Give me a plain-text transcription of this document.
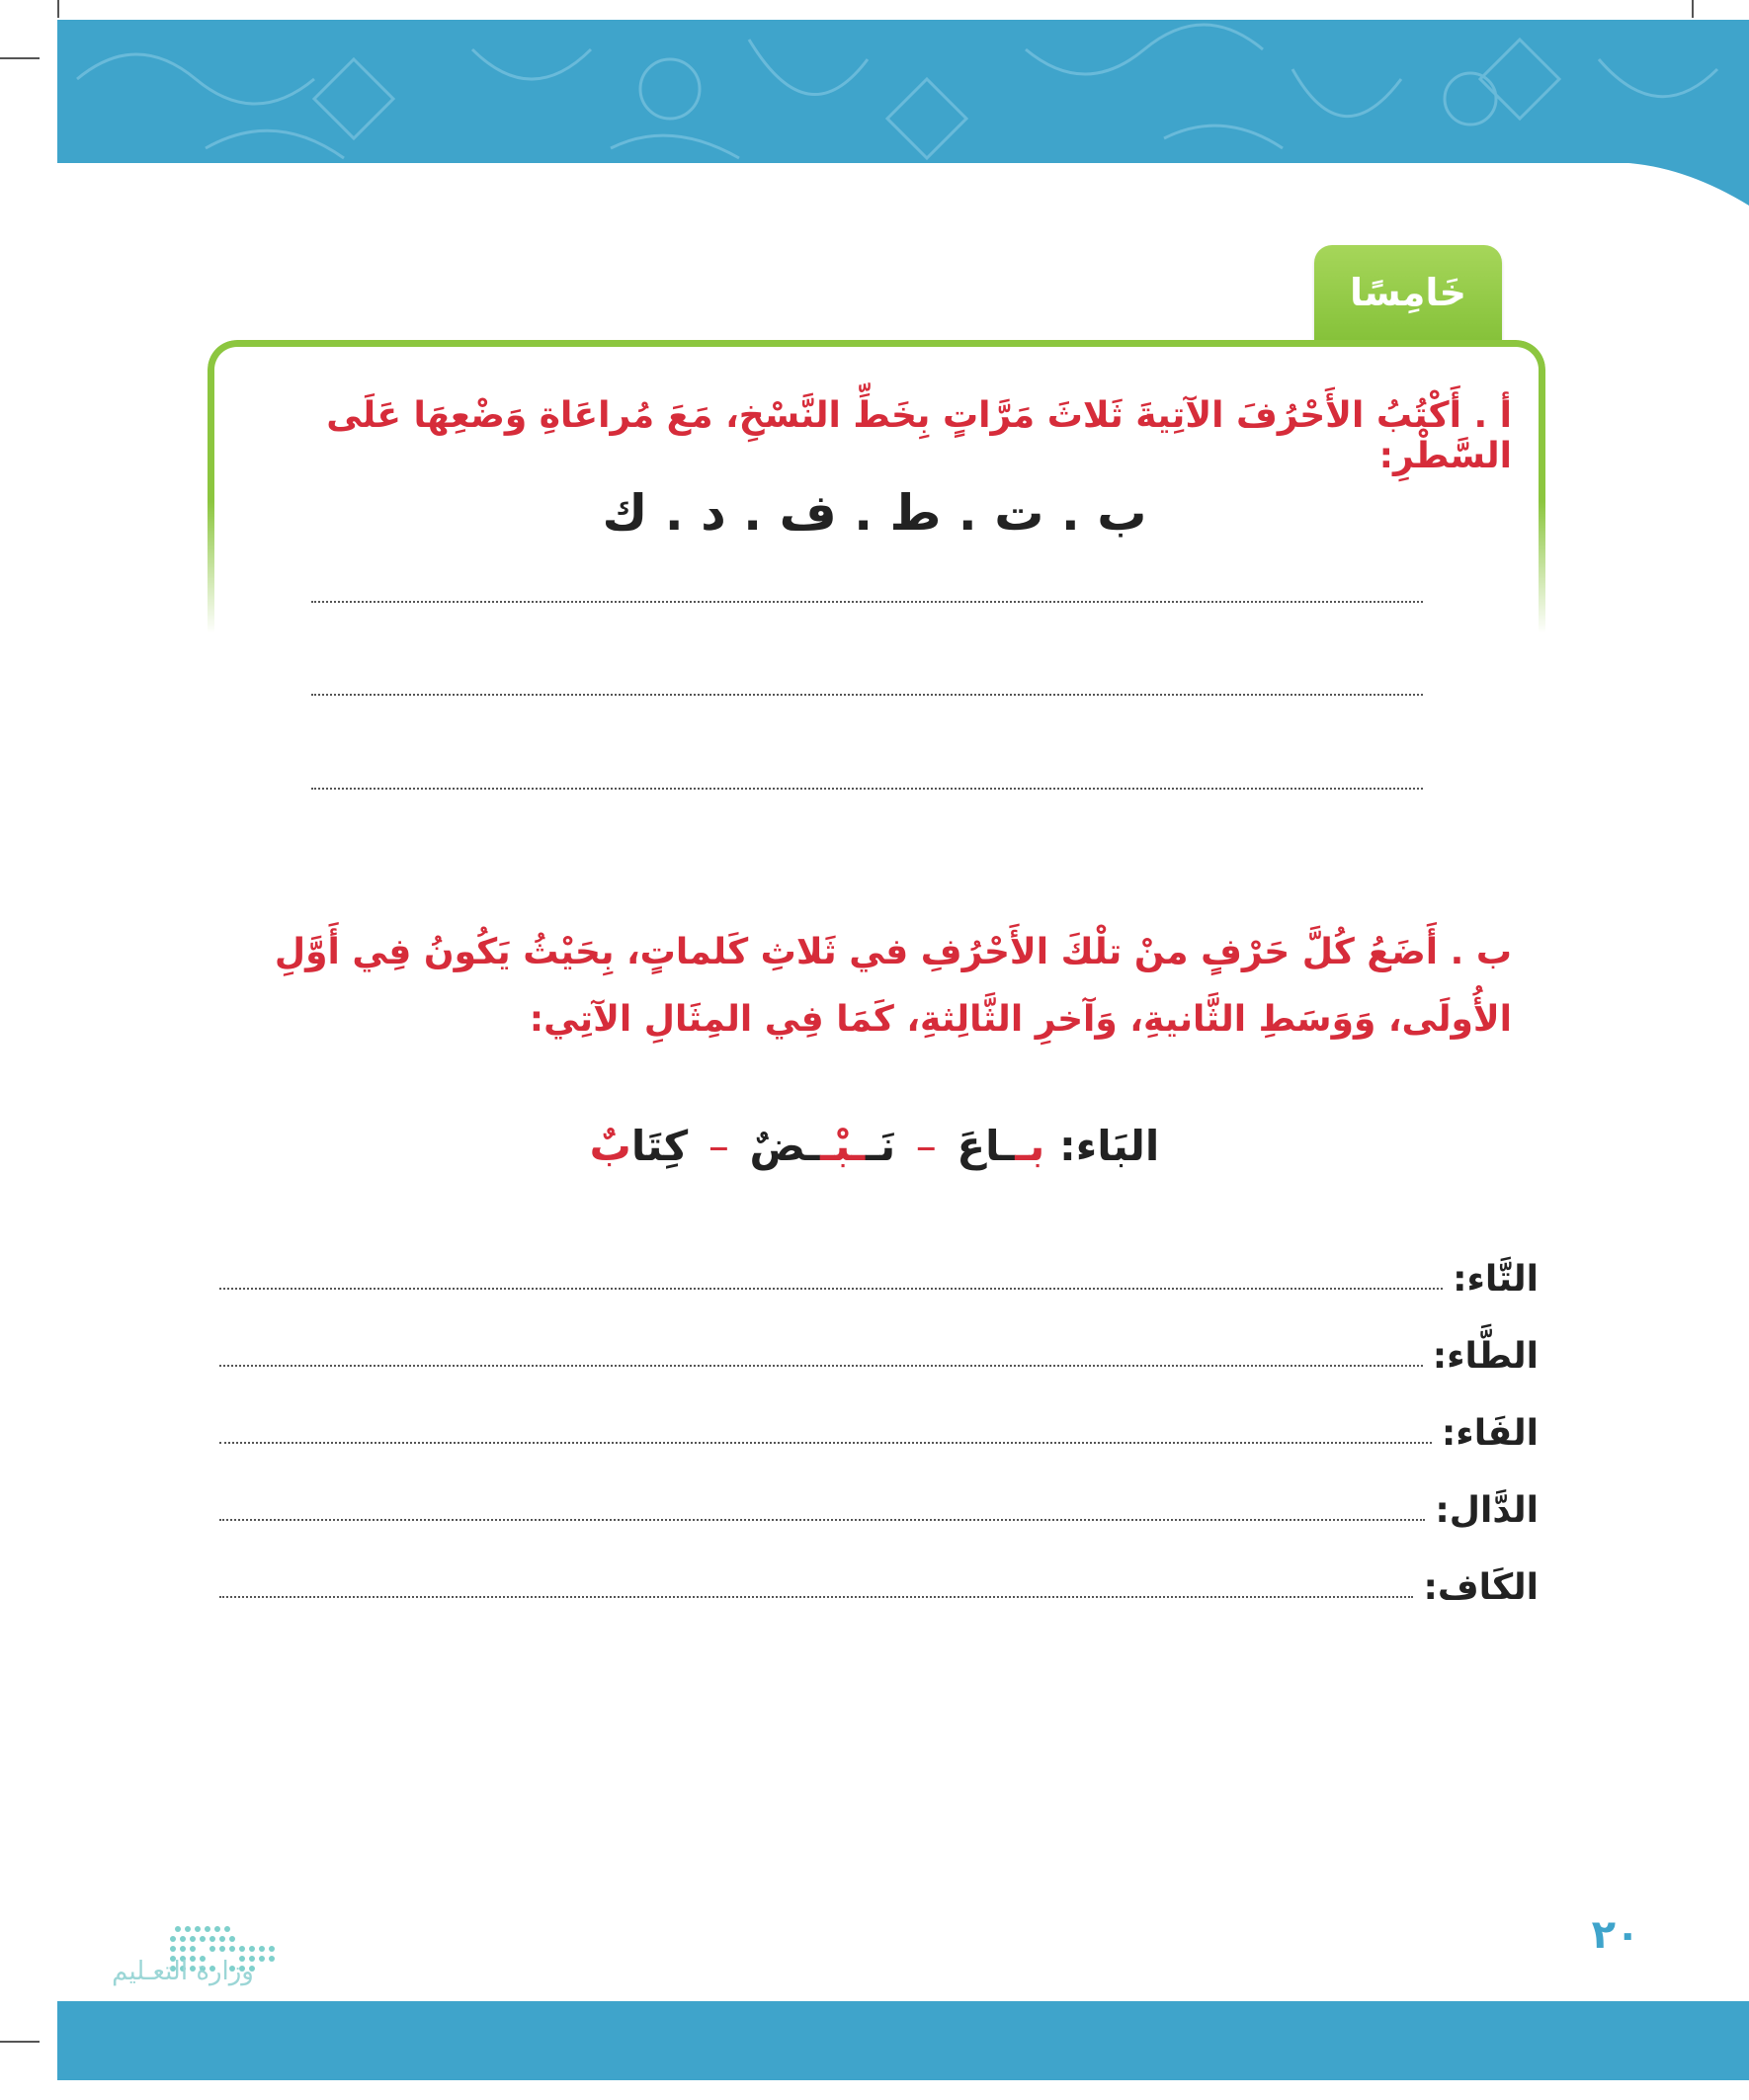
خَامِسًا
أ . أَكْتُبُ الأَحْرُفَ الآتِيةَ ثَلاثَ مَرَّاتٍ بِخَطِّ النَّسْخِ، مَعَ مُراعَاةِ وَضْعِهَا عَلَى السَّطْرِ:
ب . ت . ط . ف . د . ك
ب . أَضَعُ كُلَّ حَرْفٍ منْ تلْكَ الأَحْرُفِ في ثَلاثِ كَلماتٍ، بِحَيْثُ يَكُونُ فِي أَوَّلِ الأُولَى، وَوَسَطِ الثَّانيةِ، وَآخرِ الثَّالِثةِ، كَمَا فِي المِثَالِ الآتِي:
البَاء: بــاعَ – نَــبْــضٌ – كِتَابٌ
التَّاء:
الطَّاء:
الفَاء:
الدَّال:
الكَاف:
وزارة التعـليم
٢٠
